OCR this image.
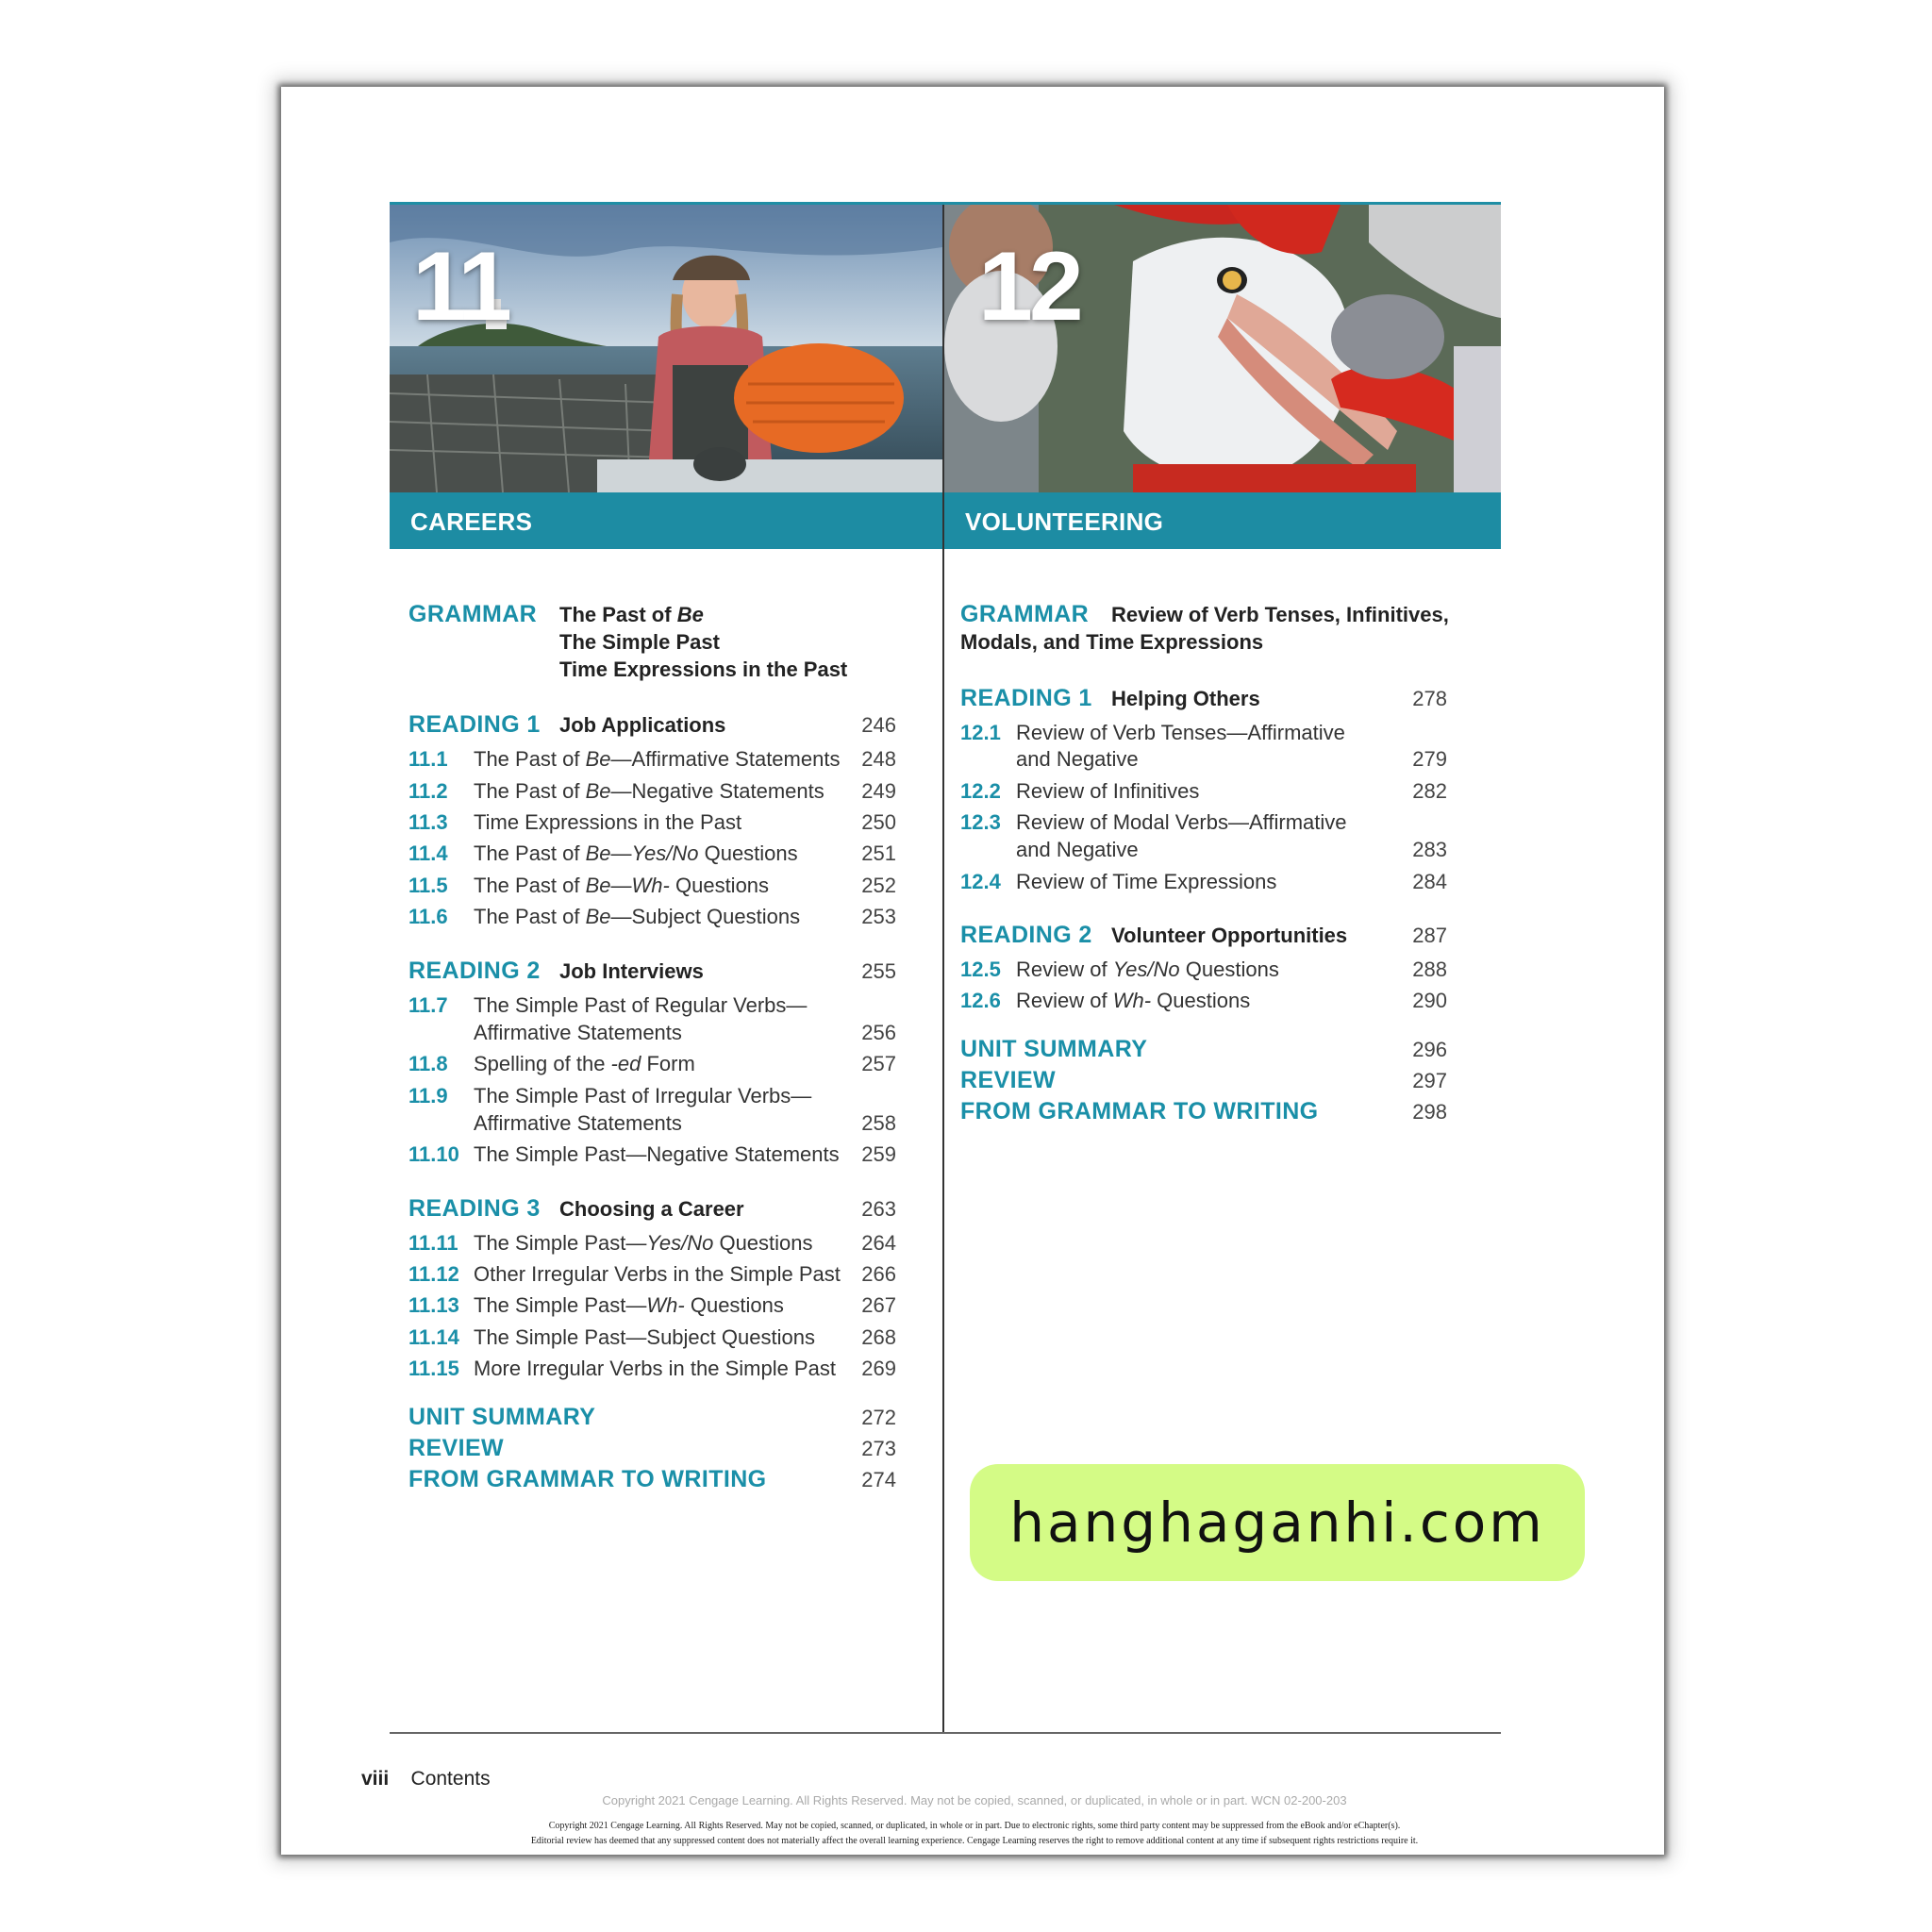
11	12
CAREERS	VOLUNTEERING
GRAMMAR The Past of Be
The Simple Past
Time Expressions in the Past
READING 1 Job Applications	246
11.1 The Past of Be—Affirmative Statements	248
11.2 The Past of Be—Negative Statements	249
11.3 Time Expressions in the Past	250
11.4 The Past of Be—Yes/No Questions	251
11.5 The Past of Be—Wh- Questions	252
11.6 The Past of Be—Subject Questions	253
READING 2 Job Interviews	255
11.7 The Simple Past of Regular Verbs—
Affirmative Statements	256
11.8 Spelling of the -ed Form	257
11.9 The Simple Past of Irregular Verbs—
Affirmative Statements	258
11.10 The Simple Past—Negative Statements	259
READING 3 Choosing a Career	263
11.11 The Simple Past—Yes/No Questions	264
11.12 Other Irregular Verbs in the Simple Past	266
11.13 The Simple Past—Wh- Questions	267
11.14 The Simple Past—Subject Questions	268
11.15 More Irregular Verbs in the Simple Past	269
UNIT SUMMARY	272
REVIEW	273
FROM GRAMMAR TO WRITING	274
GRAMMAR Review of Verb Tenses, Infinitives,
Modals, and Time Expressions
READING 1 Helping Others	278
12.1 Review of Verb Tenses—Affirmative
and Negative	279
12.2 Review of Infinitives	282
12.3 Review of Modal Verbs—Affirmative
and Negative	283
12.4 Review of Time Expressions	284
READING 2 Volunteer Opportunities	287
12.5 Review of Yes/No Questions	288
12.6 Review of Wh- Questions	290
UNIT SUMMARY	296
REVIEW	297
FROM GRAMMAR TO WRITING	298
hanghaganhi.com
viii Contents
Copyright 2021 Cengage Learning. All Rights Reserved. May not be copied, scanned, or duplicated, in whole or in part. WCN 02-200-203
Copyright 2021 Cengage Learning. All Rights Reserved. May not be copied, scanned, or duplicated, in whole or in part. Due to electronic rights, some third party content may be suppressed from the eBook and/or eChapter(s).
Editorial review has deemed that any suppressed content does not materially affect the overall learning experience. Cengage Learning reserves the right to remove additional content at any time if subsequent rights restrictions require it.
